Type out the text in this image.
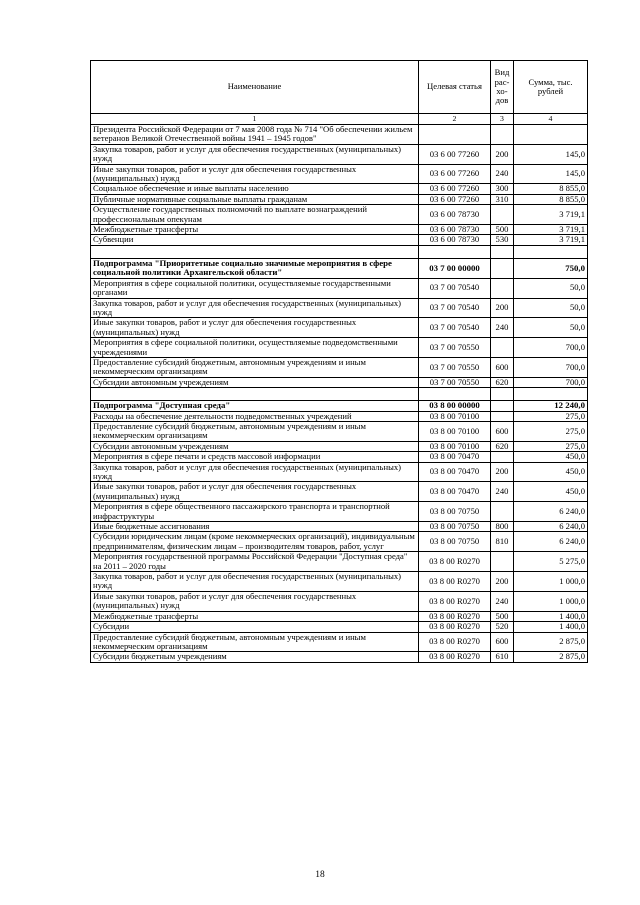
Наименование	Целевая статья	Вид рас-хо-дов	Сумма, тыс. рублей
1	2	3	4
Президента Российской Федерации от 7 мая 2008 года № 714 "Об обеспечении жильем ветеранов Великой Отечественной войны 1941 – 1945 годов"			
Закупка товаров, работ и услуг для обеспечения государственных (муниципальных) нужд	03 6 00 77260	200	145,0
Иные закупки товаров, работ и услуг для обеспечения государственных (муниципальных) нужд	03 6 00 77260	240	145,0
Социальное обеспечение и иные выплаты населению	03 6 00 77260	300	8 855,0
Публичные нормативные социальные выплаты гражданам	03 6 00 77260	310	8 855,0
Осуществление государственных полномочий по выплате вознаграждений профессиональным опекунам	03 6 00 78730		3 719,1
Межбюджетные трансферты	03 6 00 78730	500	3 719,1
Субвенции	03 6 00 78730	530	3 719,1

Подпрограмма "Приоритетные социально значимые мероприятия в сфере социальной политики Архангельской области"	03 7 00 00000		750,0
Мероприятия в сфере социальной политики, осуществляемые государственными органами	03 7 00 70540		50,0
Закупка товаров, работ и услуг для обеспечения государственных (муниципальных) нужд	03 7 00 70540	200	50,0
Иные закупки товаров, работ и услуг для обеспечения государственных (муниципальных) нужд	03 7 00 70540	240	50,0
Мероприятия в сфере социальной политики, осуществляемые подведомственными учреждениями	03 7 00 70550		700,0
Предоставление субсидий бюджетным, автономным учреждениям и иным некоммерческим организациям	03 7 00 70550	600	700,0
Субсидии автономным учреждениям	03 7 00 70550	620	700,0

Подпрограмма "Доступная среда"	03 8 00 00000		12 240,0
Расходы на обеспечение деятельности подведомственных учреждений	03 8 00 70100		275,0
Предоставление субсидий бюджетным, автономным учреждениям и иным некоммерческим организациям	03 8 00 70100	600	275,0
Субсидии автономным учреждениям	03 8 00 70100	620	275,0
Мероприятия в сфере печати и средств массовой информации	03 8 00 70470		450,0
Закупка товаров, работ и услуг для обеспечения государственных (муниципальных) нужд	03 8 00 70470	200	450,0
Иные закупки товаров, работ и услуг для обеспечения государственных (муниципальных) нужд	03 8 00 70470	240	450,0
Мероприятия в сфере общественного пассажирского транспорта и транспортной инфраструктуры	03 8 00 70750		6 240,0
Иные бюджетные ассигнования	03 8 00 70750	800	6 240,0
Субсидии юридическим лицам (кроме некоммерческих организаций), индивидуальным предпринимателям, физическим лицам – производителям товаров, работ, услуг	03 8 00 70750	810	6 240,0
Мероприятия государственной программы Российской Федерации "Доступная среда" на 2011 – 2020 годы	03 8 00 R0270		5 275,0
Закупка товаров, работ и услуг для обеспечения государственных (муниципальных) нужд	03 8 00 R0270	200	1 000,0
Иные закупки товаров, работ и услуг для обеспечения государственных (муниципальных) нужд	03 8 00 R0270	240	1 000,0
Межбюджетные трансферты	03 8 00 R0270	500	1 400,0
Субсидии	03 8 00 R0270	520	1 400,0
Предоставление субсидий бюджетным, автономным учреждениям и иным некоммерческим организациям	03 8 00 R0270	600	2 875,0
Субсидии бюджетным учреждениям	03 8 00 R0270	610	2 875,0
18
